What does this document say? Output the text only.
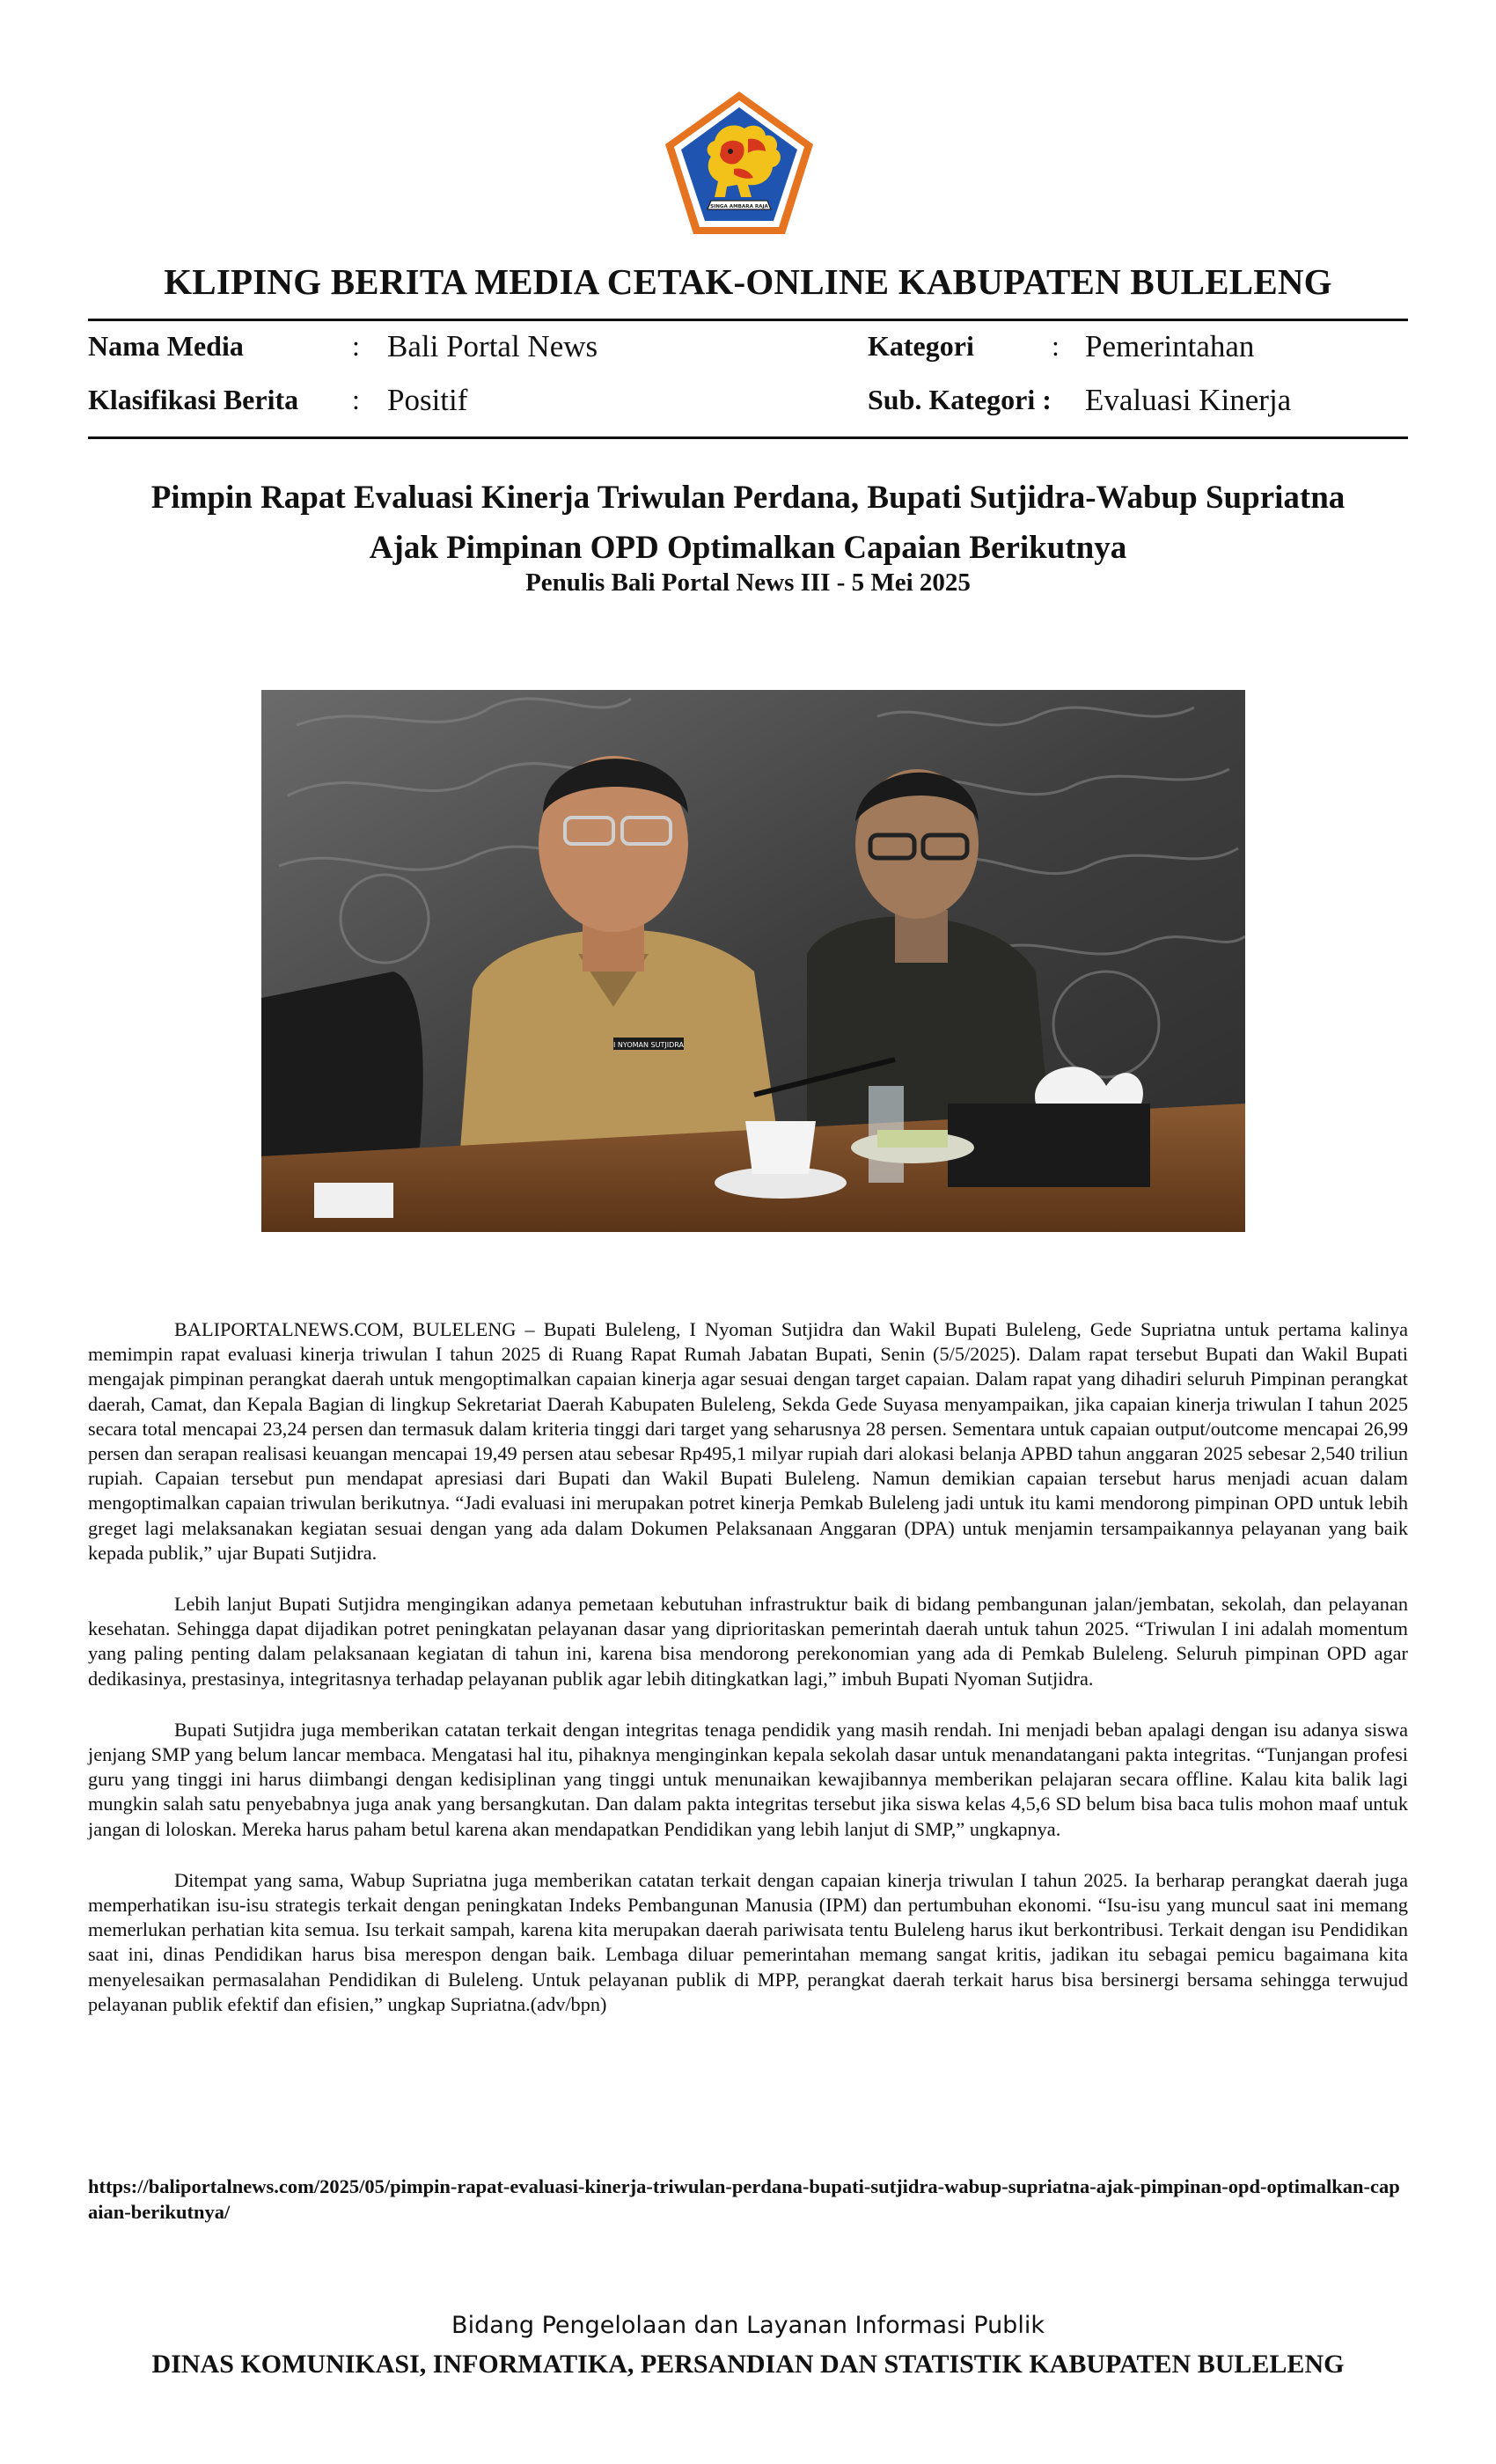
SINGA AMBARA RAJA
KLIPING BERITA MEDIA CETAK-ONLINE KABUPATEN BULELENG
Nama Media	: Bali Portal News
Klasifikasi Berita : Positif
Kategori	: Pemerintahan
Sub. Kategori : Evaluasi Kinerja
Pimpin Rapat Evaluasi Kinerja Triwulan Perdana, Bupati Sutjidra-Wabup Supriatna
Ajak Pimpinan OPD Optimalkan Capaian Berikutnya
Penulis Bali Portal News III - 5 Mei 2025
I NYOMAN SUTJIDRA

BALIPORTALNEWS.COM, BULELENG – Bupati Buleleng, I Nyoman Sutjidra dan Wakil Bupati Buleleng, Gede Supriatna untuk pertama kalinya memimpin rapat evaluasi kinerja triwulan I tahun 2025 di Ruang Rapat Rumah Jabatan Bupati, Senin (5/5/2025). Dalam rapat tersebut Bupati dan Wakil Bupati mengajak pimpinan perangkat daerah untuk mengoptimalkan capaian kinerja agar sesuai dengan target capaian. Dalam rapat yang dihadiri seluruh Pimpinan perangkat daerah, Camat, dan Kepala Bagian di lingkup Sekretariat Daerah Kabupaten Buleleng, Sekda Gede Suyasa menyampaikan, jika capaian kinerja triwulan I tahun 2025 secara total mencapai 23,24 persen dan termasuk dalam kriteria tinggi dari target yang seharusnya 28 persen. Sementara untuk capaian output/outcome mencapai 26,99 persen dan serapan realisasi keuangan mencapai 19,49 persen atau sebesar Rp495,1 milyar rupiah dari alokasi belanja APBD tahun anggaran 2025 sebesar 2,540 triliun rupiah. Capaian tersebut pun mendapat apresiasi dari Bupati dan Wakil Bupati Buleleng. Namun demikian capaian tersebut harus menjadi acuan dalam mengoptimalkan capaian triwulan berikutnya. “Jadi evaluasi ini merupakan potret kinerja Pemkab Buleleng jadi untuk itu kami mendorong pimpinan OPD untuk lebih greget lagi melaksanakan kegiatan sesuai dengan yang ada dalam Dokumen Pelaksanaan Anggaran (DPA) untuk menjamin tersampaikannya pelayanan yang baik kepada publik,” ujar Bupati Sutjidra.

Lebih lanjut Bupati Sutjidra mengingikan adanya pemetaan kebutuhan infrastruktur baik di bidang pembangunan jalan/jembatan, sekolah, dan pelayanan kesehatan. Sehingga dapat dijadikan potret peningkatan pelayanan dasar yang diprioritaskan pemerintah daerah untuk tahun 2025. “Triwulan I ini adalah momentum yang paling penting dalam pelaksanaan kegiatan di tahun ini, karena bisa mendorong perekonomian yang ada di Pemkab Buleleng. Seluruh pimpinan OPD agar dedikasinya, prestasinya, integritasnya terhadap pelayanan publik agar lebih ditingkatkan lagi,” imbuh Bupati Nyoman Sutjidra.

Bupati Sutjidra juga memberikan catatan terkait dengan integritas tenaga pendidik yang masih rendah. Ini menjadi beban apalagi dengan isu adanya siswa jenjang SMP yang belum lancar membaca. Mengatasi hal itu, pihaknya menginginkan kepala sekolah dasar untuk menandatangani pakta integritas. “Tunjangan profesi guru yang tinggi ini harus diimbangi dengan kedisiplinan yang tinggi untuk menunaikan kewajibannya memberikan pelajaran secara offline. Kalau kita balik lagi mungkin salah satu penyebabnya juga anak yang bersangkutan. Dan dalam pakta integritas tersebut jika siswa kelas 4,5,6 SD belum bisa baca tulis mohon maaf untuk jangan di loloskan. Mereka harus paham betul karena akan mendapatkan Pendidikan yang lebih lanjut di SMP,” ungkapnya.

Ditempat yang sama, Wabup Supriatna juga memberikan catatan terkait dengan capaian kinerja triwulan I tahun 2025. Ia berharap perangkat daerah juga memperhatikan isu-isu strategis terkait dengan peningkatan Indeks Pembangunan Manusia (IPM) dan pertumbuhan ekonomi. “Isu-isu yang muncul saat ini memang memerlukan perhatian kita semua. Isu terkait sampah, karena kita merupakan daerah pariwisata tentu Buleleng harus ikut berkontribusi. Terkait dengan isu Pendidikan saat ini, dinas Pendidikan harus bisa merespon dengan baik. Lembaga diluar pemerintahan memang sangat kritis, jadikan itu sebagai pemicu bagaimana kita menyelesaikan permasalahan Pendidikan di Buleleng. Untuk pelayanan publik di MPP, perangkat daerah terkait harus bisa bersinergi bersama sehingga terwujud pelayanan publik efektif dan efisien,” ungkap Supriatna.(adv/bpn)

https://baliportalnews.com/2025/05/pimpin-rapat-evaluasi-kinerja-triwulan-perdana-bupati-sutjidra-wabup-supriatna-ajak-pimpinan-opd-optimalkan-capaian-berikutnya/
Bidang Pengelolaan dan Layanan Informasi Publik
DINAS KOMUNIKASI, INFORMATIKA, PERSANDIAN DAN STATISTIK KABUPATEN BULELENG
